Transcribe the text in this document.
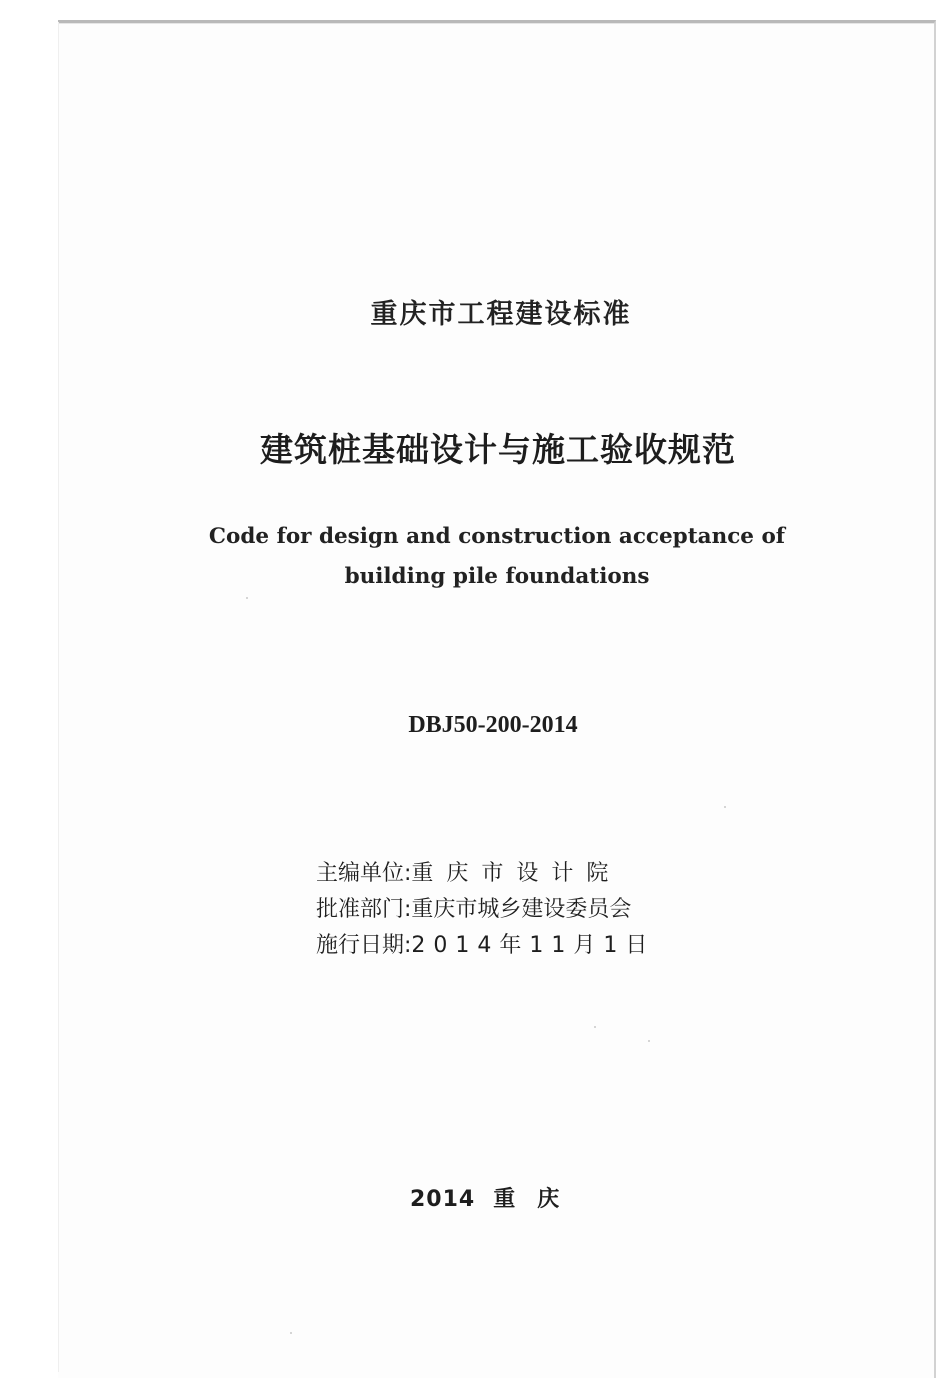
重庆市工程建设标准
建筑桩基础设计与施工验收规范
Code for design and construction acceptance of
building pile foundations
DBJ50-200-2014
主编单位:重庆市设计院
批准部门:重庆市城乡建设委员会
施行日期:2014年11月1日
2014 重庆
